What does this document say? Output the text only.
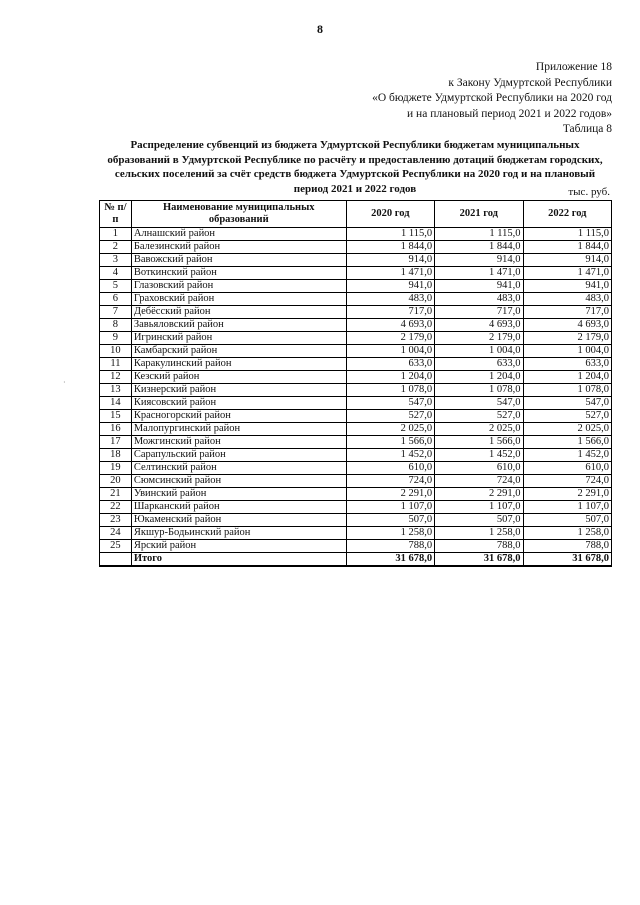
8
Приложение 18
к Закону Удмуртской Республики
«О бюджете Удмуртской Республики на 2020 год
и на плановый период 2021 и 2022 годов»
Таблица 8
Распределение субвенций из бюджета Удмуртской Республики бюджетам муниципальных образований в Удмуртской Республике по расчёту и предоставлению дотаций бюджетам городских, сельских поселений за счёт средств бюджета Удмуртской Республики на 2020 год и на плановый период 2021 и 2022 годов	тыс. руб.
·
№ п/п	Наименование муниципальных образований	2020 год	2021 год	2022 год
1	Алнашский район	1 115,0	1 115,0	1 115,0
2	Балезинский район	1 844,0	1 844,0	1 844,0
3	Вавожский район	914,0	914,0	914,0
4	Воткинский район	1 471,0	1 471,0	1 471,0
5	Глазовский район	941,0	941,0	941,0
6	Граховский район	483,0	483,0	483,0
7	Дебёсский район	717,0	717,0	717,0
8	Завьяловский район	4 693,0	4 693,0	4 693,0
9	Игринский район	2 179,0	2 179,0	2 179,0
10	Камбарский район	1 004,0	1 004,0	1 004,0
11	Каракулинский район	633,0	633,0	633,0
12	Кезский район	1 204,0	1 204,0	1 204,0
13	Кизнерский район	1 078,0	1 078,0	1 078,0
14	Киясовский район	547,0	547,0	547,0
15	Красногорский район	527,0	527,0	527,0
16	Малопургинский район	2 025,0	2 025,0	2 025,0
17	Можгинский район	1 566,0	1 566,0	1 566,0
18	Сарапульский район	1 452,0	1 452,0	1 452,0
19	Селтинский район	610,0	610,0	610,0
20	Сюмсинский район	724,0	724,0	724,0
21	Увинский район	2 291,0	2 291,0	2 291,0
22	Шарканский район	1 107,0	1 107,0	1 107,0
23	Юкаменский район	507,0	507,0	507,0
24	Якшур-Бодьинский район	1 258,0	1 258,0	1 258,0
25	Ярский район	788,0	788,0	788,0
	Итого	31 678,0	31 678,0	31 678,0
